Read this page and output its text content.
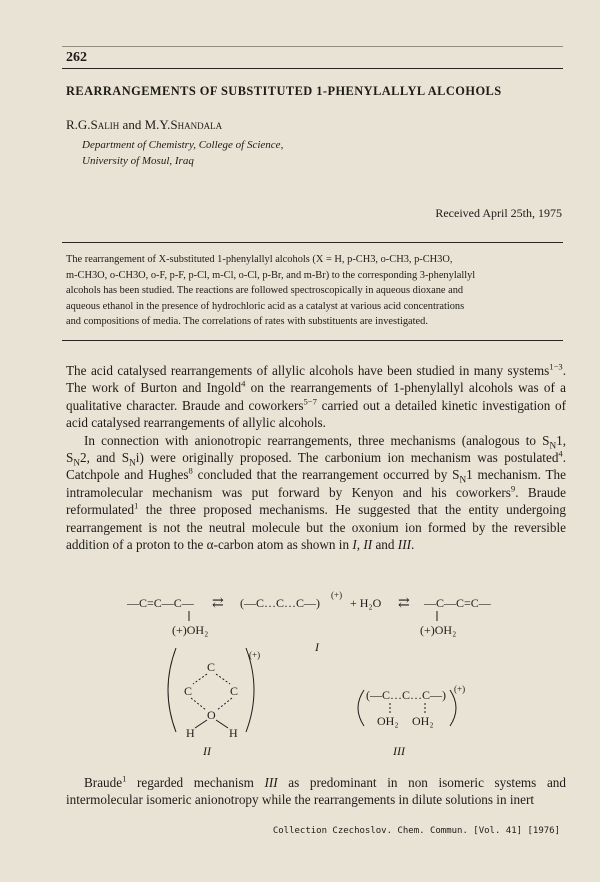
262
REARRANGEMENTS OF SUBSTITUTED 1-PHENYLALLYL ALCOHOLS
R.G.Salih and M.Y.Shandala
Department of Chemistry, College of Science,
University of Mosul, Iraq
Received April 25th, 1975
The rearrangement of X-substituted 1-phenylallyl alcohols (X = H, p-CH3, o-CH3, p-CH3O,
m-CH3O, o-CH3O, o-F, p-F, p-Cl, m-Cl, o-Cl, p-Br, and m-Br) to the corresponding 3-phenylallyl
alcohols has been studied. The reactions are followed spectroscopically in aqueous dioxane and
aqueous ethanol in the presence of hydrochloric acid as a catalyst at various acid concentrations
and compositions of media. The correlations of rates with substituents are investigated.

The acid catalysed rearrangements of allylic alcohols have been studied in many systems$^{1-3}$. The work of Burton and Ingold$^4$ on the rearrangements of 1-phenylallyl alcohols was of a qualitative character. Braude and coworkers$^{5-7}$ carried out a detailed kinetic investigation of acid catalysed rearrangements of allylic alcohols.

In connection with anionotropic rearrangements, three mechanisms (analogous to $S_N1$, $S_N2$, and $S_Ni$) were originally proposed. The carbonium ion mechanism was postulated$^4$. Catchpole and Hughes$^8$ concluded that the rearrangement occurred by $S_N1$ mechanism. The intramolecular mechanism was put forward by Kenyon and his coworkers$^9$. Braude reformulated$^1$ the three proposed mechanisms. He suggested that the entity undergoing rearrangement is not the neutral molecule but the oxonium ion formed by the reversible addition of a proton to the α-carbon atom as shown in I, II and III.

—C=C—C— ⇄ (—C…C…C—)
(+)
+ H₂O ⇄ —C—C=C—
(+)OH₂	(+)OH₂
I
C
C	C
O
H	H
(+)
II
(—C…C…C—) (+)
OH₂ OH₂
III

Braude$^1$ regarded mechanism III as predominant in non isomeric systems and intermolecular isomeric anionotropy while the rearrangements in dilute solutions in inert

Collection Czechoslov. Chem. Commun. [Vol. 41] [1976]
